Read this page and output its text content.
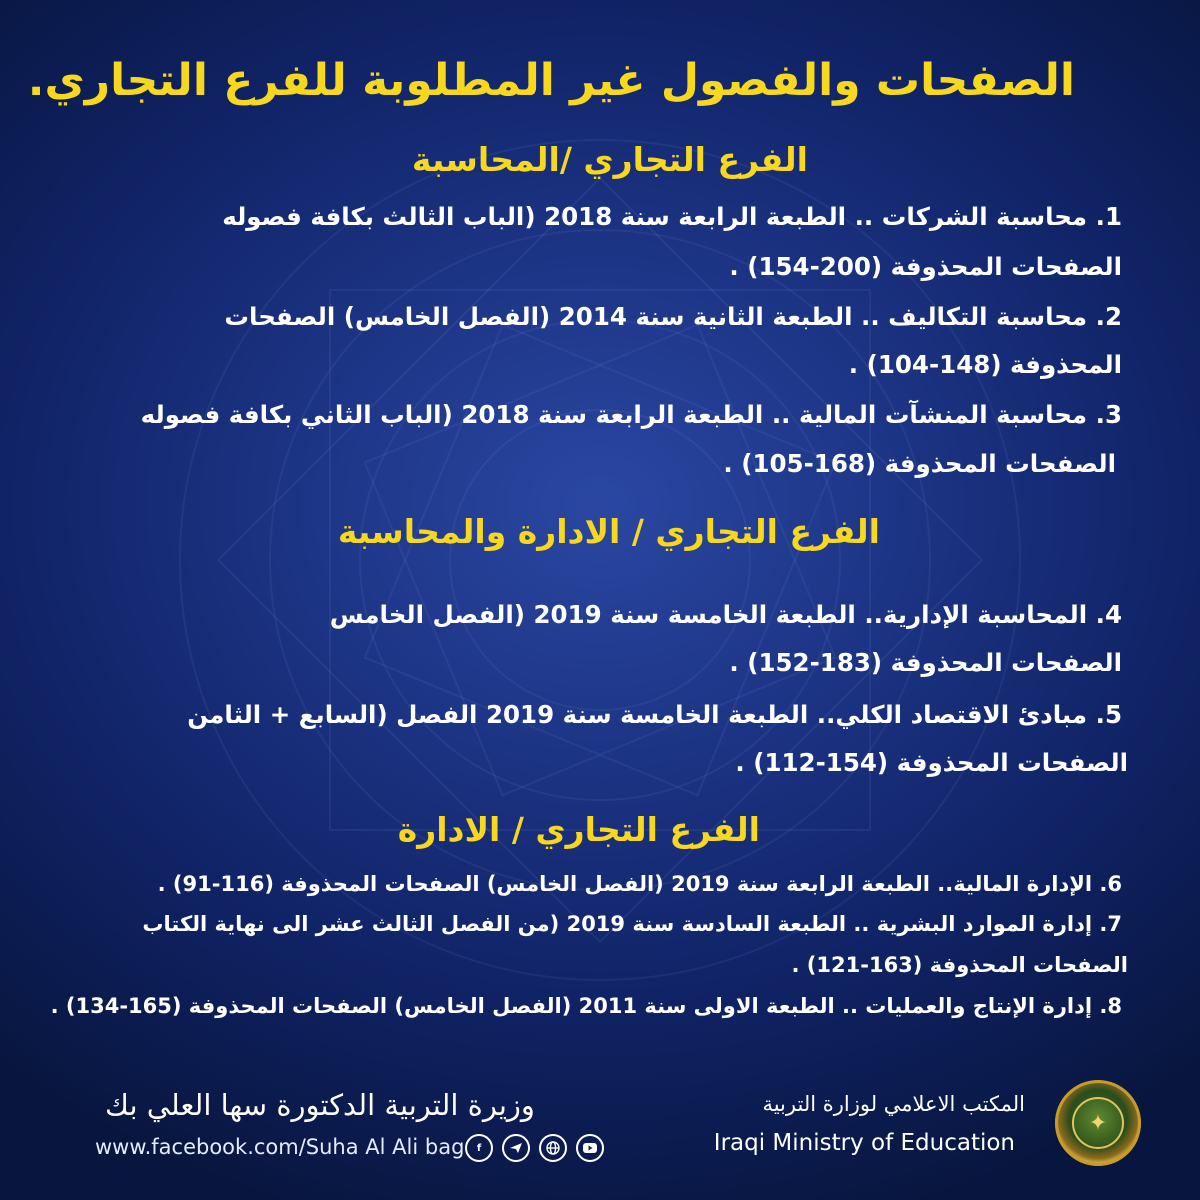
الصفحات والفصول غير المطلوبة للفرع التجاري.
الفرع التجاري /المحاسبة
1. محاسبة الشركات .. الطبعة الرابعة سنة 2018 (الباب الثالث بكافة فصوله
الصفحات المحذوفة (200-154) .
2. محاسبة التكاليف .. الطبعة الثانية سنة 2014 (الفصل الخامس) الصفحات
المحذوفة (148-104) .
3. محاسبة المنشآت المالية .. الطبعة الرابعة سنة 2018 (الباب الثاني بكافة فصوله
الصفحات المحذوفة (168-105) .
الفرع التجاري / الادارة والمحاسبة
4. المحاسبة الإدارية.. الطبعة الخامسة سنة 2019 (الفصل الخامس
الصفحات المحذوفة (183-152) .
5. مبادئ الاقتصاد الكلي.. الطبعة الخامسة سنة 2019 الفصل (السابع + الثامن
الصفحات المحذوفة (154-112) .
الفرع التجاري / الادارة
6. الإدارة المالية.. الطبعة الرابعة سنة 2019 (الفصل الخامس) الصفحات المحذوفة (116-91) .
7. إدارة الموارد البشرية .. الطبعة السادسة سنة 2019 (من الفصل الثالث عشر الى نهاية الكتاب
الصفحات المحذوفة (163-121) .
8. إدارة الإنتاج والعمليات .. الطبعة الاولى سنة 2011 (الفصل الخامس) الصفحات المحذوفة (165-134) .
وزيرة التربية الدكتورة سها العلي بك
www.facebook.com/Suha Al Ali bag	f
المكتب الاعلامي لوزارة التربية
Iraqi Ministry of Education
✦
